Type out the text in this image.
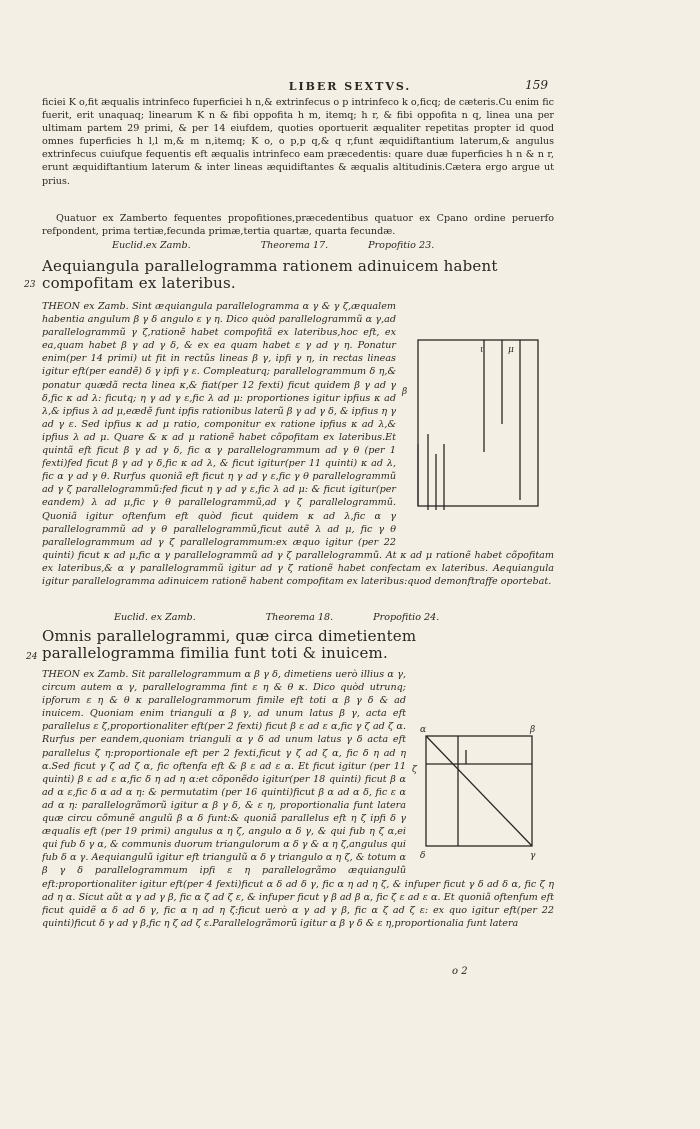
LIBER SEXTVS.	159
ficiei K o,fit æqualis intrinfeco fuperficiei h n,& extrinfecus o p intrinfeco k o,ficq; de cæteris.Cu enim fic fuerit, erit unaquaq; linearum K n & fibi oppofita h m, itemq; h r, & fibi oppofita n q, linea una per ultimam partem 29 primi, & per 14 eiufdem, quoties oportuerit æqualiter repetitas propter id quod omnes fuperficies h l,l m,& m n,itemq; K o, o p,p q,& q r,funt æquidiftantium laterum,& angulus extrinfecus cuiufque fequentis eft æqualis intrinfeco eam præcedentis: quare duæ fuperficies h n & n r, erunt æquidiftantium laterum & inter lineas æquidiftantes & æqualis altitudinis.Cætera ergo argue ut prius.
Quatuor ex Zamberto fequentes propofitiones,præcedentibus quatuor ex Cpano ordine peruerfo refpondent, prima tertiæ,fecunda primæ,tertia quartæ, quarta fecundæ.
Euclid.ex Zamb.	Theorema 17.	Propofitio 23.
Aequiangula parallelogramma rationem adinuicem habent compofitam ex lateribus.
23
THEON ex Zamb. Sint æquiangula parallelogramma α γ & γ ζ,æqualem habentia angulum β γ δ angulo ε γ η. Dico quòd parallelogrammũ α γ,ad parallelogrammũ γ ζ,rationẽ habet compofitã ex lateribus,hoc eft, ex ea,quam habet β γ ad γ δ, & ex ea quam habet ε γ ad γ η. Ponatur enim(per 14 primi) ut fit in rectũs lineas β γ, ipfi γ η, in rectas lineas igitur eft(per eandẽ) δ γ ipfi γ ε. Compleaturq; parallelogrammum δ η,& ponatur quædã recta linea κ,& fiat(per 12 fexti) ficut quidem β γ ad γ δ,fic κ ad λ: ficutq; η γ ad γ ε,fic λ ad μ: proportiones igitur ipfius κ ad λ,& ipfius λ ad μ,eædẽ funt ipfis rationibus laterũ β γ ad γ δ, & ipfius η γ ad γ ε. Sed ipfius κ ad μ ratio, componitur ex ratione ipfius κ ad λ,& ipfius λ ad μ. Quare & κ ad μ rationẽ habet cõpofitam ex lateribus.Et quintã eft ficut β γ ad γ δ, fic α γ parallelogrammum ad γ θ (per 1 fexti)fed ficut β γ ad γ δ,fic κ ad λ, & ficut igitur(per 11 quinti) κ ad λ, fic α γ ad γ θ. Rurfus quoniã eft ficut η γ ad γ ε,fic γ θ parallelogrammũ ad γ ζ parallelogrammũ:fed ficut η γ ad γ ε,fic λ ad μ: & ficut igitur(per eandem) λ ad μ,fic γ θ parallelogrammũ,ad γ ζ parallelogrammũ. Quoniã igitur oftenfum eft quòd ficut quidem κ ad λ,fic α γ parallelogrammũ ad γ θ parallelogrammũ,ficut autẽ λ ad μ, fic γ θ parallelogrammum ad γ ζ parallelogrammum:ex æquo igitur (per 22 quinti) ficut κ ad μ,fic α γ parallelogrammũ ad γ ζ parallelogrammũ. At κ ad μ rationẽ habet cõpofitam ex lateribus,& α γ parallelogrammũ igitur ad γ ζ rationẽ habet confectam ex lateribus. Aequiangula igitur parallelogramma adinuicem rationẽ habent compofitam ex lateribus:quod demonftraffe oportebat.
ι	μ
β
Euclid. ex Zamb.	Theorema 18.	Propofitio 24.
Omnis parallelogrammi, quæ circa dimetientem parallelogramma fimilia funt toti & inuicem.
24
THEON ex Zamb. Sit parallelogrammum α β γ δ, dimetiens uerò illius α γ, circum autem α γ, parallelogramma fint ε η & θ κ. Dico quòd utrunq; ipforum ε η & θ κ parallelogrammorum fimile eft toti α β γ δ & ad inuicem. Quoniam enim trianguli α β γ, ad unum latus β γ, acta eft parallelus ε ζ,proportionaliter eft(per 2 fexti) ficut β ε ad ε α,fic γ ζ ad ζ α. Rurfus per eandem,quoniam trianguli α γ δ ad unum latus γ δ acta eft parallelus ζ η:proportionale eft per 2 fexti,ficut γ ζ ad ζ α, fic δ η ad η α.Sed ficut γ ζ ad ζ α, fic oftenfa eft & β ε ad ε α. Et ficut igitur (per 11 quinti) β ε ad ε α,fic δ η ad η α:et cõponẽdo igitur(per 18 quinti) ficut β α ad α ε,fic δ α ad α η: & permutatim (per 16 quinti)ficut β α ad α δ, fic ε α ad α η: parallelogrãmorũ igitur α β γ δ, & ε η, proportionalia funt latera quæ circu cõmunẽ angulũ β α δ funt:& quoniã parallelus eft η ζ ipfi δ γ æqualis eft (per 19 primi) angulus α η ζ, angulo α δ γ, & qui fub η ζ α,ei qui fub δ γ α, & communis duorum triangulorum α δ γ & α η ζ,angulus qui fub δ α γ. Aequiangulũ igitur eft triangulũ α δ γ triangulo α η ζ, & totum α β γ δ parallelogrammum ipfi ε η parallelogrãmo æquiangulũ eft:proportionaliter igitur eft(per 4 fexti)ficut α δ ad δ γ, fic α η ad η ζ, & infuper ficut γ δ ad δ α, fic ζ η ad η α. Sicut aũt α γ ad γ β, fic α ζ ad ζ ε, & infuper ficut γ β ad β α, fic ζ ε ad ε α. Et quoniã oftenfum eft ficut quidẽ α δ ad δ γ, fic α η ad η ζ:ficut uerò α γ ad γ β, fic α ζ ad ζ ε: ex quo igitur eft(per 22 quinti)ficut δ γ ad γ β,fic η ζ ad ζ ε.Parallelogrãmorũ igitur α β γ δ & ε η,proportionalia funt latera
α	β
δ	γ
ζ
o 2
